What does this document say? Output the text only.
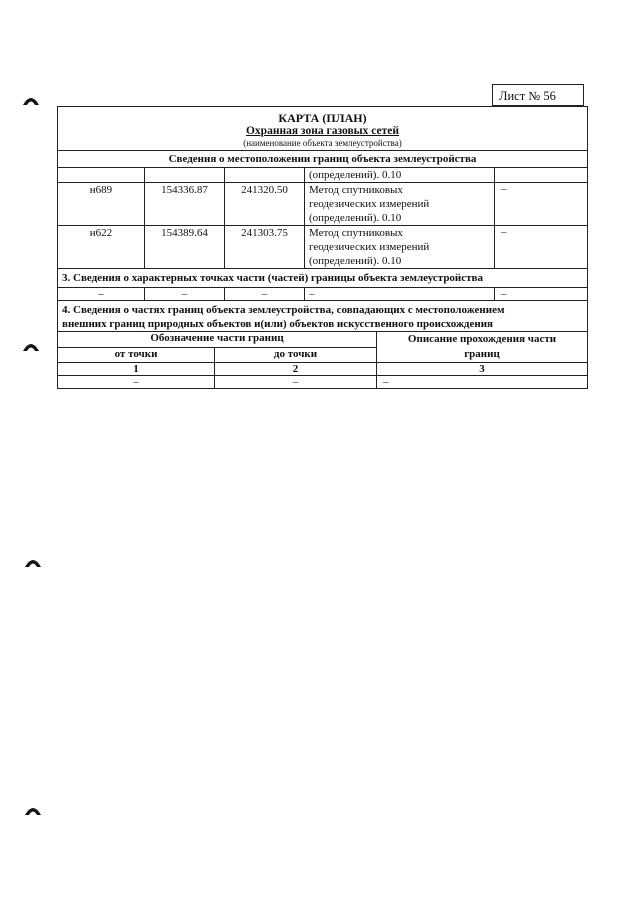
Лист № 56
КАРТА (ПЛАН)
Охранная зона газовых сетей
(наименование объекта землеустройства)				

Сведения о местоположении границ объекта землеустройства				

			(определений). 0.10	

н689	154336.87	241320.50	Метод спутниковых
геодезических измерений
(определений). 0.10	–
н622	154389.64	241303.75	Метод спутниковых
геодезических измерений
(определений). 0.10	–
3. Сведения о характерных точках части (частей) границы объекта землеустройства				
–	–	–	–	–
4. Сведения о частях границ объекта землеустройства, совпадающих с местоположением
внешних границ природных объектов и(или) объектов искусственного происхождения		

Обозначение части границ		Описание прохождения части
границ

от точки	до точки	
1	2	3
–	–	–
